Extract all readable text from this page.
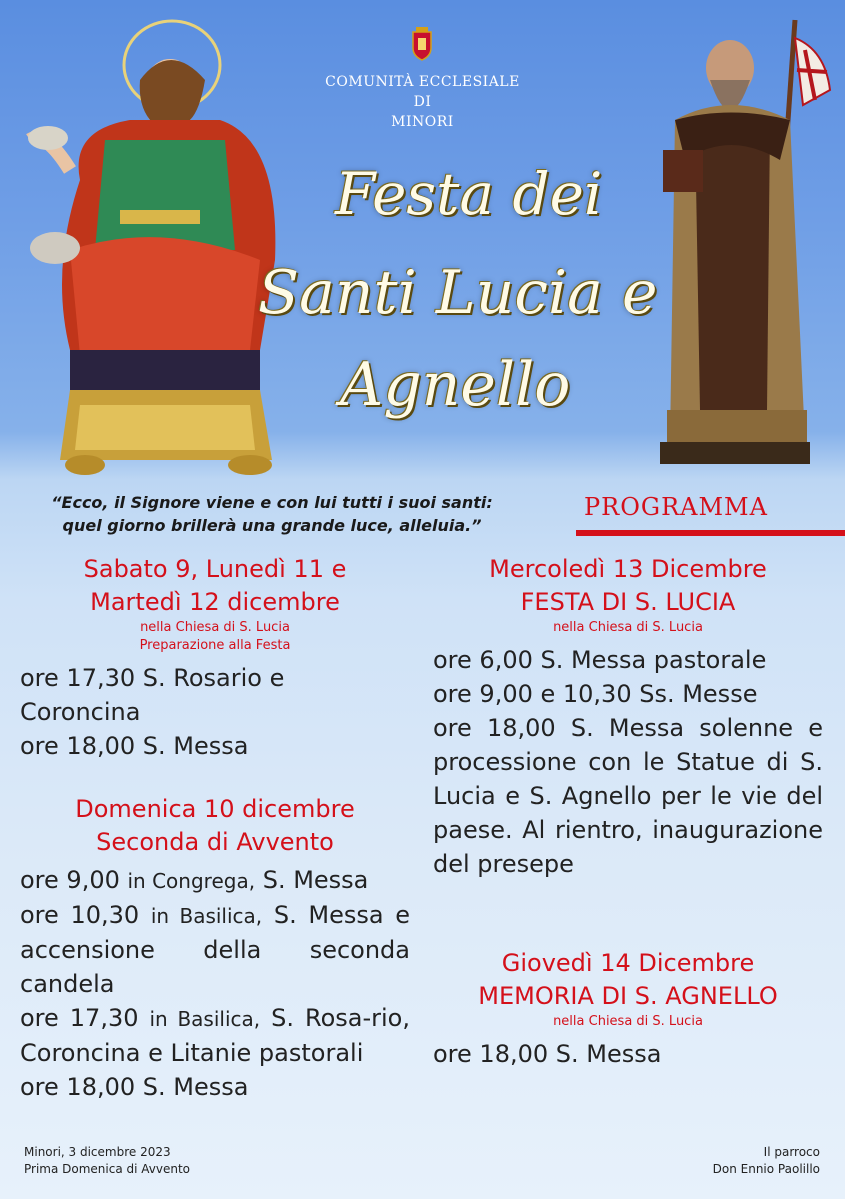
COMUNITÀ ECCLESIALE
DI
MINORI
Festa dei
Santi Lucia e
Agnello
“Ecco, il Signore viene e con lui tutti i suoi santi:
quel giorno brillerà una grande luce, alleluia.”
PROGRAMMA
Sabato 9, Lunedì 11 e
Martedì 12 dicembre
nella Chiesa di S. Lucia
Preparazione alla Festa

ore 17,30 S. Rosario e Coroncina

ore 18,00 S. Messa

Domenica 10 dicembre
Seconda di Avvento

ore 9,00 in Congrega, S. Messa

ore 10,30 in Basilica, S. Messa e accensione della seconda candela

ore 17,30 in Basilica, S. Rosa-rio, Coroncina e Litanie pastorali

ore 18,00 S. Messa

Mercoledì 13 Dicembre
FESTA DI S. LUCIA
nella Chiesa di S. Lucia

ore 6,00 S. Messa pastorale

ore 9,00 e 10,30 Ss. Messe

ore 18,00 S. Messa solenne e processione con le Statue di S. Lucia e S. Agnello per le vie del paese. Al rientro, inaugurazione del presepe

Giovedì 14 Dicembre
MEMORIA DI S. AGNELLO
nella Chiesa di S. Lucia

ore 18,00 S. Messa

Minori, 3 dicembre 2023
Prima Domenica di Avvento
Il parroco
Don Ennio Paolillo
